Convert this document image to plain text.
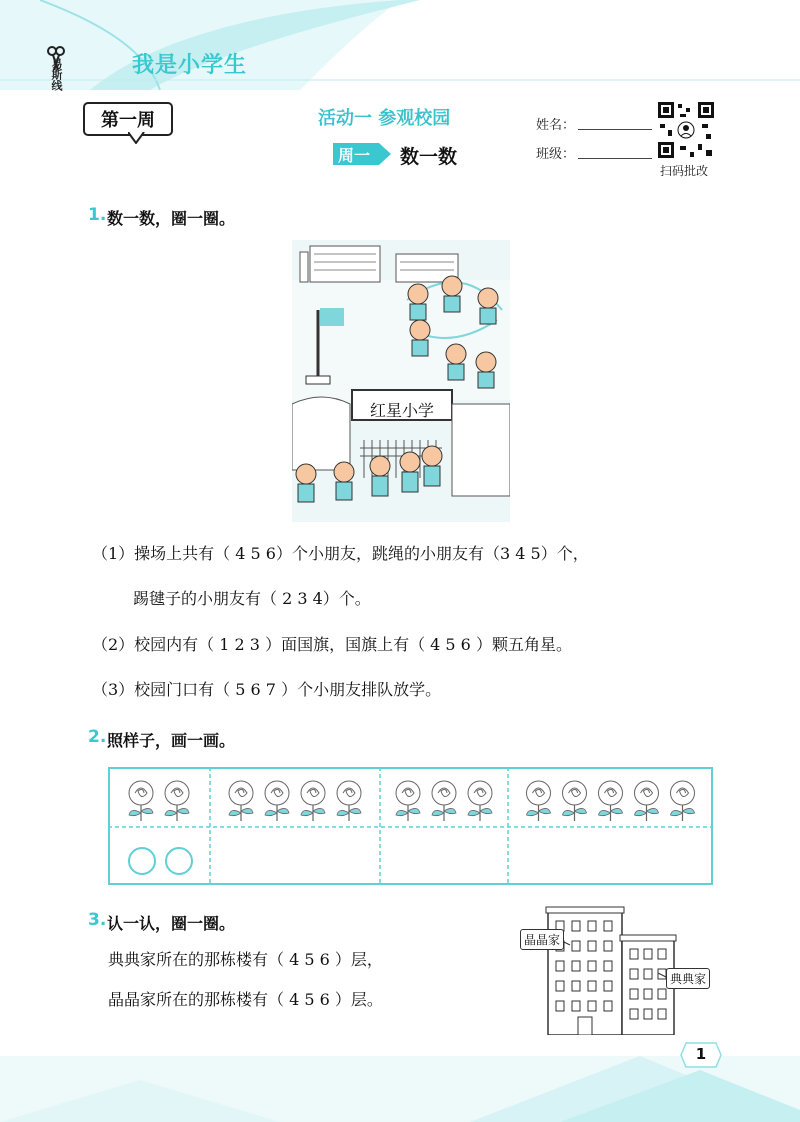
易斯线	我是小学生
第一周	活动一 参观校园
周一 数一数
姓名：
班级：
扫码批改
1. 数一数，圈一圈。
红星小学
（1）操场上共有（ 4 5 6）个小朋友，跳绳的小朋友有（3 4 5）个，
踢毽子的小朋友有（ 2 3 4）个。
（2）校园内有（ 1 2 3 ）面国旗，国旗上有（ 4 5 6 ）颗五角星。
（3）校园门口有（ 5 6 7 ）个小朋友排队放学。
2. 照样子，画一画。
3. 认一认，圈一圈。
典典家所在的那栋楼有（ 4 5 6 ）层，
晶晶家所在的那栋楼有（ 4 5 6 ）层。
晶晶家
典典家
1
